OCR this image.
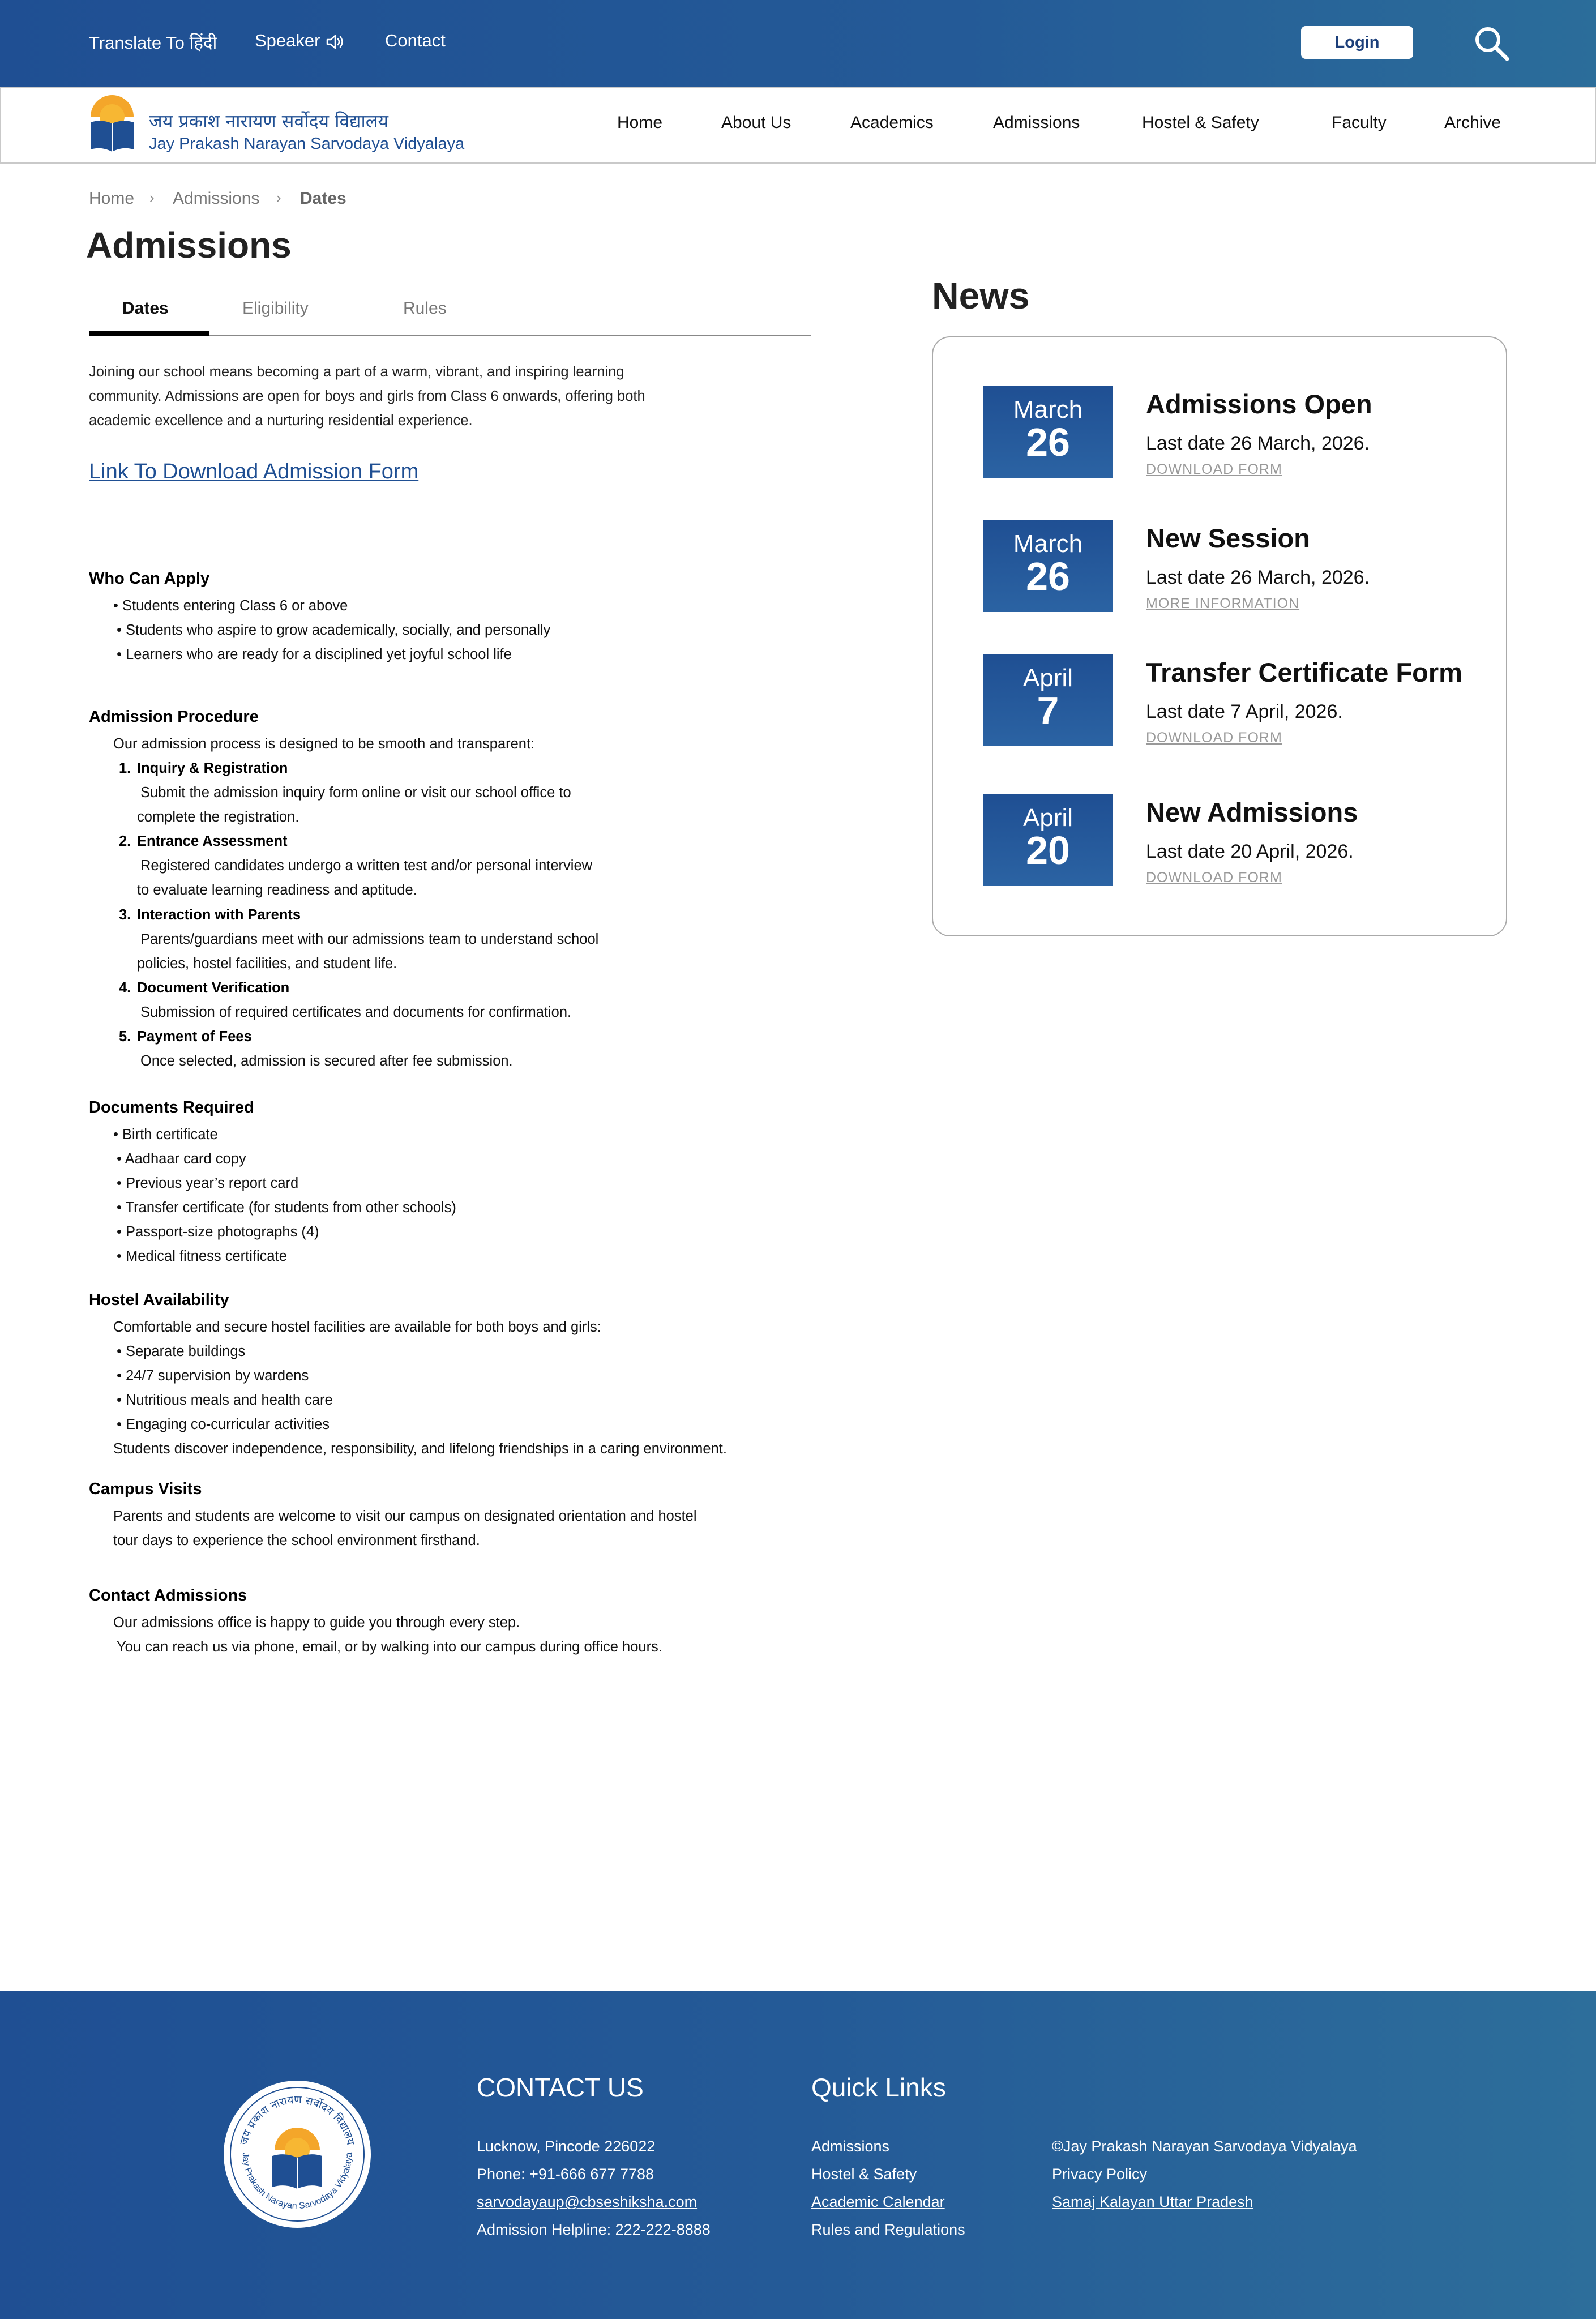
Translate To हिंदी Speaker	Contact	Login
जय प्रकाश नारायण सर्वोदय विद्यालय
Jay Prakash Narayan Sarvodaya Vidyalaya
Home	About Us	Academics	Admissions	Hostel & Safety	Faculty	Archive
Home › Admissions › Dates
Admissions
Dates	Eligibility	Rules

Joining our school means becoming a part of a warm, vibrant, and inspiring learning community. Admissions are open for boys and girls from Class 6 onwards, offering both academic excellence and a nurturing residential experience.

Link To Download Admission Form
Who Can Apply
• Students entering Class 6 or above
• Students who aspire to grow academically, socially, and personally
• Learners who are ready for a disciplined yet joyful school life
Admission Procedure
Our admission process is designed to be smooth and transparent:
1. Inquiry & Registration
Submit the admission inquiry form online or visit our school office to
complete the registration.
2. Entrance Assessment
Registered candidates undergo a written test and/or personal interview
to evaluate learning readiness and aptitude.
3. Interaction with Parents
Parents/guardians meet with our admissions team to understand school
policies, hostel facilities, and student life.
4. Document Verification
Submission of required certificates and documents for confirmation.
5. Payment of Fees
Once selected, admission is secured after fee submission.
Documents Required
• Birth certificate
• Aadhaar card copy
• Previous year’s report card
• Transfer certificate (for students from other schools)
• Passport-size photographs (4)
• Medical fitness certificate
Hostel Availability
Comfortable and secure hostel facilities are available for both boys and girls:
• Separate buildings
• 24/7 supervision by wardens
• Nutritious meals and health care
• Engaging co-curricular activities
Students discover independence, responsibility, and lifelong friendships in a caring environment.
Campus Visits
Parents and students are welcome to visit our campus on designated orientation and hostel
tour days to experience the school environment firsthand.
Contact Admissions
Our admissions office is happy to guide you through every step.
You can reach us via phone, email, or by walking into our campus during office hours.
News
March
26
Admissions Open
Last date 26 March, 2026.
DOWNLOAD FORM
March
26
New Session
Last date 26 March, 2026.
MORE INFORMATION
April
7
Transfer Certificate Form
Last date 7 April, 2026.
DOWNLOAD FORM
April
20
New Admissions
Last date 20 April, 2026.
DOWNLOAD FORM
जय प्रकाश नारायण सर्वोदय विद्यालय
Jay Prakash Narayan Sarvodaya Vidyalaya
CONTACT US
Lucknow, Pincode 226022
Phone: +91-666 677 7788
sarvodayaup@cbseshiksha.com
Admission Helpline: 222-222-8888
Quick Links
Admissions
Hostel & Safety
Academic Calendar
Rules and Regulations
©Jay Prakash Narayan Sarvodaya Vidyalaya
Privacy Policy
Samaj Kalayan Uttar Pradesh
